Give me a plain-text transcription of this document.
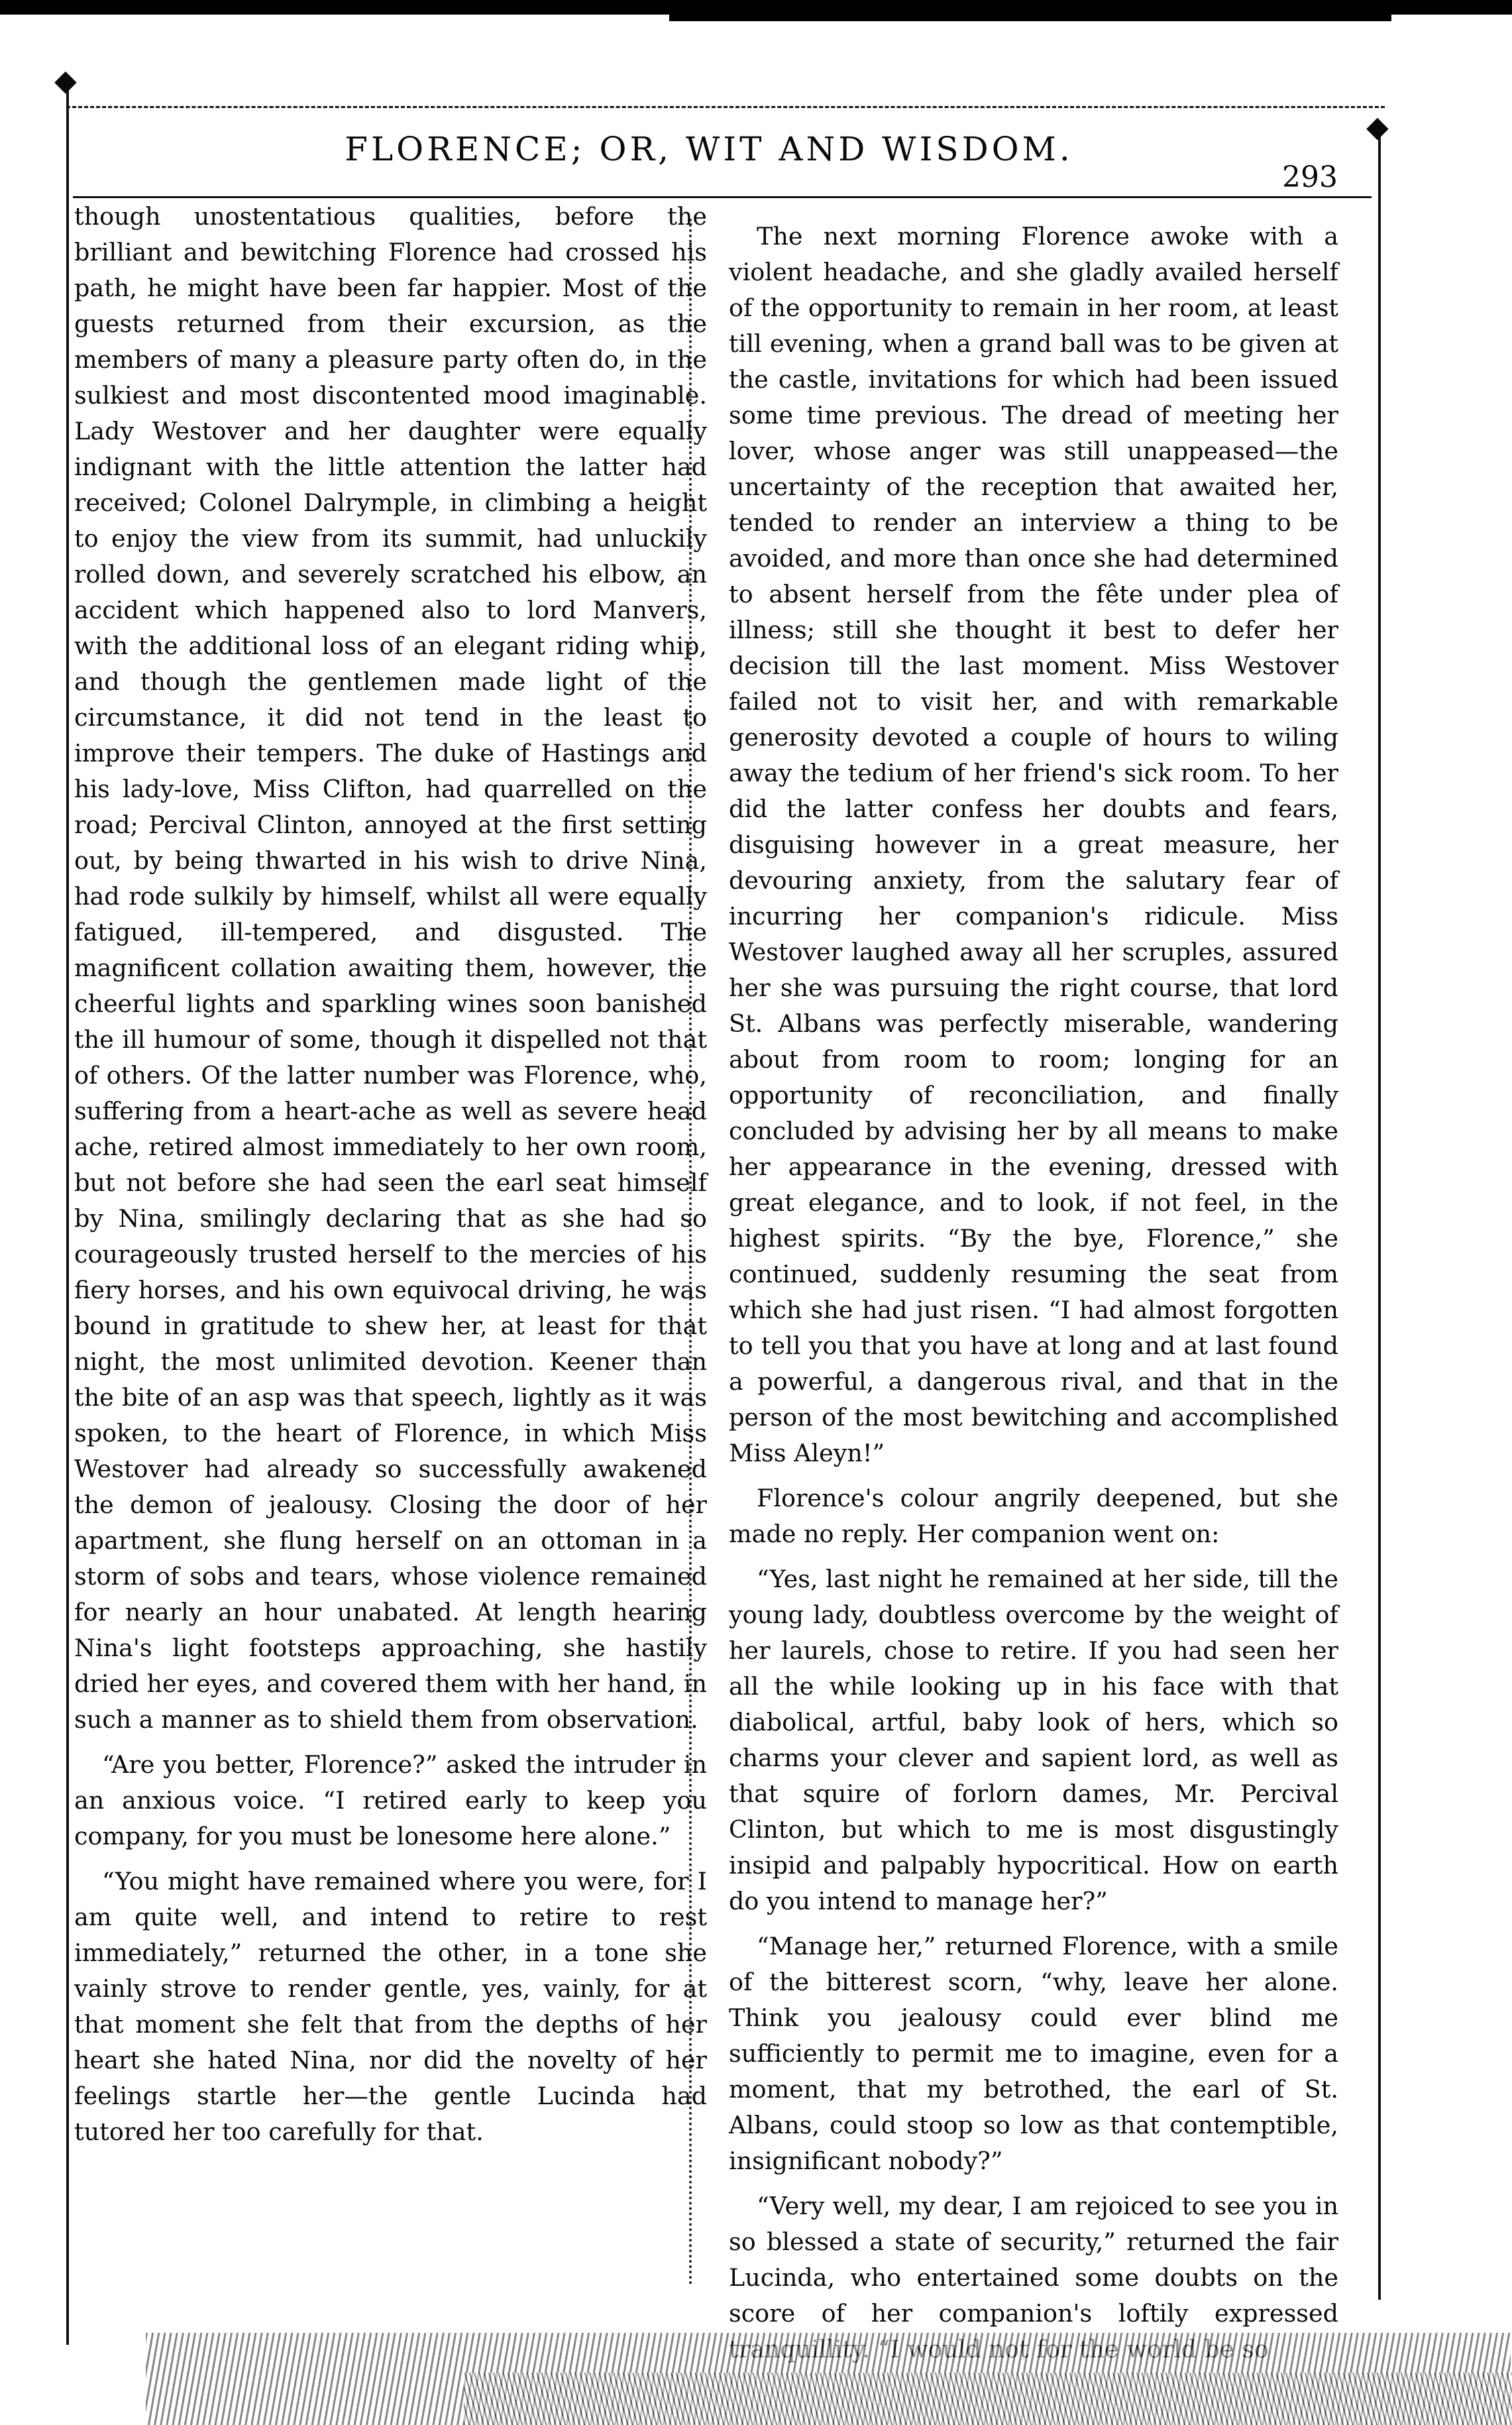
◆
◆
FLORENCE; OR, WIT AND WISDOM.
293

though unostentatious qualities, before the brilliant and bewitching Florence had crossed his path, he might have been far happier. Most of the guests returned from their excursion, as the members of many a pleasure party often do, in the sulkiest and most discontented mood imaginable. Lady Westover and her daughter were equally indignant with the little attention the latter had received; Colonel Dalrymple, in climbing a height to enjoy the view from its summit, had unluckily rolled down, and severely scratched his elbow, an accident which happened also to lord Manvers, with the additional loss of an elegant riding whip, and though the gentlemen made light of the circumstance, it did not tend in the least to improve their tempers. The duke of Hastings and his lady-love, Miss Clifton, had quarrelled on the road; Percival Clinton, annoyed at the first setting out, by being thwarted in his wish to drive Nina, had rode sulkily by himself, whilst all were equally fatigued, ill-tempered, and disgusted. The magnificent collation awaiting them, however, the cheerful lights and sparkling wines soon banished the ill humour of some, though it dispelled not that of others. Of the latter number was Florence, who, suffering from a heart-ache as well as severe head ache, retired almost immediately to her own room, but not before she had seen the earl seat himself by Nina, smilingly declaring that as she had so courageously trusted herself to the mercies of his fiery horses, and his own equivocal driving, he was bound in gratitude to shew her, at least for that night, the most unlimited devotion. Keener than the bite of an asp was that speech, lightly as it was spoken, to the heart of Florence, in which Miss Westover had already so successfully awakened the demon of jealousy. Closing the door of her apartment, she flung herself on an ottoman in a storm of sobs and tears, whose violence remained for nearly an hour unabated. At length hearing Nina's light footsteps approaching, she hastily dried her eyes, and covered them with her hand, in such a manner as to shield them from observation.

“Are you better, Florence?” asked the intruder in an anxious voice. “I retired early to keep you company, for you must be lonesome here alone.”

“You might have remained where you were, for I am quite well, and intend to retire to rest immediately,” returned the other, in a tone she vainly strove to render gentle, yes, vainly, for at that moment she felt that from the depths of her heart she hated Nina, nor did the novelty of her feelings startle her—the gentle Lucinda had tutored her too carefully for that.

The next morning Florence awoke with a violent headache, and she gladly availed herself of the opportunity to remain in her room, at least till evening, when a grand ball was to be given at the castle, invitations for which had been issued some time previous. The dread of meeting her lover, whose anger was still unappeased—the uncertainty of the reception that awaited her, tended to render an interview a thing to be avoided, and more than once she had determined to absent herself from the fête under plea of illness; still she thought it best to defer her decision till the last moment. Miss Westover failed not to visit her, and with remarkable generosity devoted a couple of hours to wiling away the tedium of her friend's sick room. To her did the latter confess her doubts and fears, disguising however in a great measure, her devouring anxiety, from the salutary fear of incurring her companion's ridicule. Miss Westover laughed away all her scruples, assured her she was pursuing the right course, that lord St. Albans was perfectly miserable, wandering about from room to room; longing for an opportunity of reconciliation, and finally concluded by advising her by all means to make her appearance in the evening, dressed with great elegance, and to look, if not feel, in the highest spirits. “By the bye, Florence,” she continued, suddenly resuming the seat from which she had just risen. “I had almost forgotten to tell you that you have at long and at last found a powerful, a dangerous rival, and that in the person of the most bewitching and accomplished Miss Aleyn!”

Florence's colour angrily deepened, but she made no reply. Her companion went on:

“Yes, last night he remained at her side, till the young lady, doubtless overcome by the weight of her laurels, chose to retire. If you had seen her all the while looking up in his face with that diabolical, artful, baby look of hers, which so charms your clever and sapient lord, as well as that squire of forlorn dames, Mr. Percival Clinton, but which to me is most disgustingly insipid and palpably hypocritical. How on earth do you intend to manage her?”

“Manage her,” returned Florence, with a smile of the bitterest scorn, “why, leave her alone. Think you jealousy could ever blind me sufficiently to permit me to imagine, even for a moment, that my betrothed, the earl of St. Albans, could stoop so low as that contemptible, insignificant nobody?”

“Very well, my dear, I am rejoiced to see you in so blessed a state of security,” returned the fair Lucinda, who entertained some doubts on the score of her companion's loftily expressed
